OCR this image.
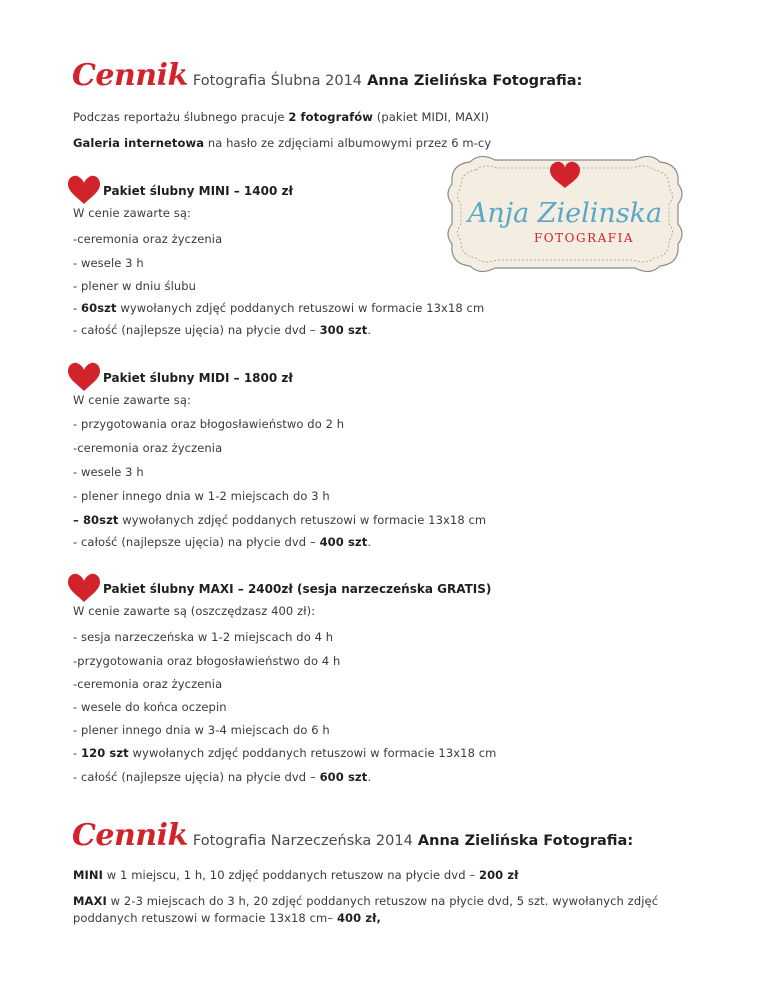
Cennik Fotografia Ślubna 2014 Anna Zielińska Fotografia:
Podczas reportażu ślubnego pracuje 2 fotografów (pakiet MIDI, MAXI)
Galeria internetowa na hasło ze zdjęciami albumowymi przez 6 m-cy
Anja Zielinska
FOTOGRAFIA
Pakiet ślubny MINI – 1400 zł
W cenie zawarte są:
-ceremonia oraz życzenia
- wesele 3 h
- plener w dniu ślubu
- 60szt wywołanych zdjęć poddanych retuszowi w formacie 13x18 cm
- całość (najlepsze ujęcia) na płycie dvd – 300 szt.
Pakiet ślubny MIDI – 1800 zł
W cenie zawarte są:
- przygotowania oraz błogosławieństwo do 2 h
-ceremonia oraz życzenia
- wesele 3 h
- plener innego dnia w 1-2 miejscach do 3 h
– 80szt wywołanych zdjęć poddanych retuszowi w formacie 13x18 cm
- całość (najlepsze ujęcia) na płycie dvd – 400 szt.
Pakiet ślubny MAXI – 2400zł (sesja narzeczeńska GRATIS)
W cenie zawarte są (oszczędzasz 400 zł):
- sesja narzeczeńska w 1-2 miejscach do 4 h
-przygotowania oraz błogosławieństwo do 4 h
-ceremonia oraz życzenia
- wesele do końca oczepin
- plener innego dnia w 3-4 miejscach do 6 h
- 120 szt wywołanych zdjęć poddanych retuszowi w formacie 13x18 cm
- całość (najlepsze ujęcia) na płycie dvd – 600 szt.
Cennik Fotografia Narzeczeńska 2014 Anna Zielińska Fotografia:
MINI w 1 miejscu, 1 h, 10 zdjęć poddanych retuszow na płycie dvd – 200 zł
MAXI w 2-3 miejscach do 3 h, 20 zdjęć poddanych retuszow na płycie dvd, 5 szt. wywołanych zdjęć
poddanych retuszowi w formacie 13x18 cm– 400 zł,
